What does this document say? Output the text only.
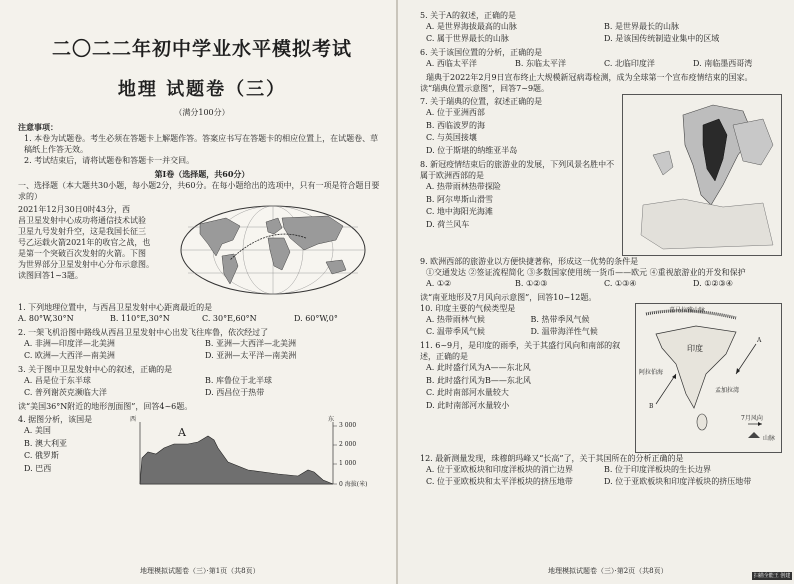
二〇二二年初中学业水平模拟考试
地理 试题卷（三）
（满分100分）
注意事项：
1. 本卷为试题卷。考生必须在答题卡上解题作答。答案应书写在答题卡的相应位置上，在试题卷、草稿纸上作答无效。
2. 考试结束后，请将试题卷和答题卡一并交回。
第Ⅰ卷（选择题，共60分）
一、选择题（本大题共30小题，每小题2分，共60分。在每小题给出的选项中，只有一项是符合题目要求的）
2021年12月30日0时43分，西
昌卫星发射中心成功将通信技术试验
卫星九号发射升空，这是我国长征三
号乙运载火箭2021年的收官之战，也
是第一个突破百次发射的火箭。下图
为世界部分卫星发射中心分布示意图。
读图回答1~3题。
1. 下列地理位置中，与西昌卫星发射中心距离最近的是
A. 80°W,30°N	B. 110°E,30°N	C. 30°E,60°N	D. 60°W,0°
2. 一架飞机沿图中路线从西昌卫星发射中心出发飞往库鲁，依次经过了
A. 非洲—印度洋—北美洲	B. 亚洲—大西洋—北美洲
C. 欧洲—大西洋—南美洲	D. 亚洲—太平洋—南美洲
3. 关于图中卫星发射中心的叙述，正确的是
A. 昌是位于东半球	B. 库鲁位于北半球
C. 普列谢茨克濒临大洋	D. 西昌位于热带
读“美国36°N附近的地形剖面图”，回答4~6题。
4. 据图分析，该国是
A. 美国
B. 澳大利亚
C. 俄罗斯
D. 巴西
西	东
A
3 000
2 000
1 000
0 海拔(米)
地理模拟试题卷（三）·第1页（共8页）
5. 关于A的叙述，正确的是
A. 是世界海拔最高的山脉	B. 是世界最长的山脉
C. 属于世界最长的山脉	D. 是该国传统制造业集中的区域
6. 关于该国位置的分析，正确的是
A. 西临太平洋	B. 东临太平洋	C. 北临印度洋	D. 南临墨西哥湾
瑞典于2022年2月9日宣布终止大规模新冠病毒检测，成为全球第一个宣布疫情结束的国家。
读“瑞典位置示意图”，回答7~9题。
7. 关于瑞典的位置，叙述正确的是
A. 位于亚洲西部
B. 西临波罗的海
C. 与英国接壤
D. 位于斯堪的纳维亚半岛
8. 新冠疫情结束后的旅游业的发展，下列风景名胜中不属于欧洲西部的是
A. 热带雨林热带探险
B. 阿尔卑斯山滑雪
C. 地中海阳光海滩
D. 荷兰风车
9. 欧洲西部的旅游业以方便快捷著称，形成这一优势的条件是
①交通发达 ②签证流程简化 ③多数国家使用统一货币——欧元 ④重视旅游业的开发和保护
A. ①②	B. ①②③	C. ①③④	D. ①②③④
读“南亚地形及7月风向示意图”，回答10~12题。
10. 印度主要的气候类型是
A. 热带雨林气候	B. 热带季风气候
C. 温带季风气候	D. 温带海洋性气候
11. 6~9月，是印度的雨季，关于其盛行风向和南部的叙述，正确的是
A. 此时盛行风为A——东北风
B. 此时盛行风为B——东北风
C. 此时南部河水量较大
D. 此时南部河水量较小
喜马拉雅山脉
印度
孟加拉湾
阿拉伯海
B
A
7月风向
山脉
12. 最新测量发现，珠穆朗玛峰又“长高”了，关于其国所在的分析正确的是
A. 位于亚欧板块和印度洋板块的消亡边界	B. 位于印度洋板块的生长边界
C. 位于亚欧板块和太平洋板块的挤压地带	D. 位于亚欧板块和印度洋板块的挤压地带
地理模拟试题卷（三）·第2页（共8页）
扫描全能王 创建
